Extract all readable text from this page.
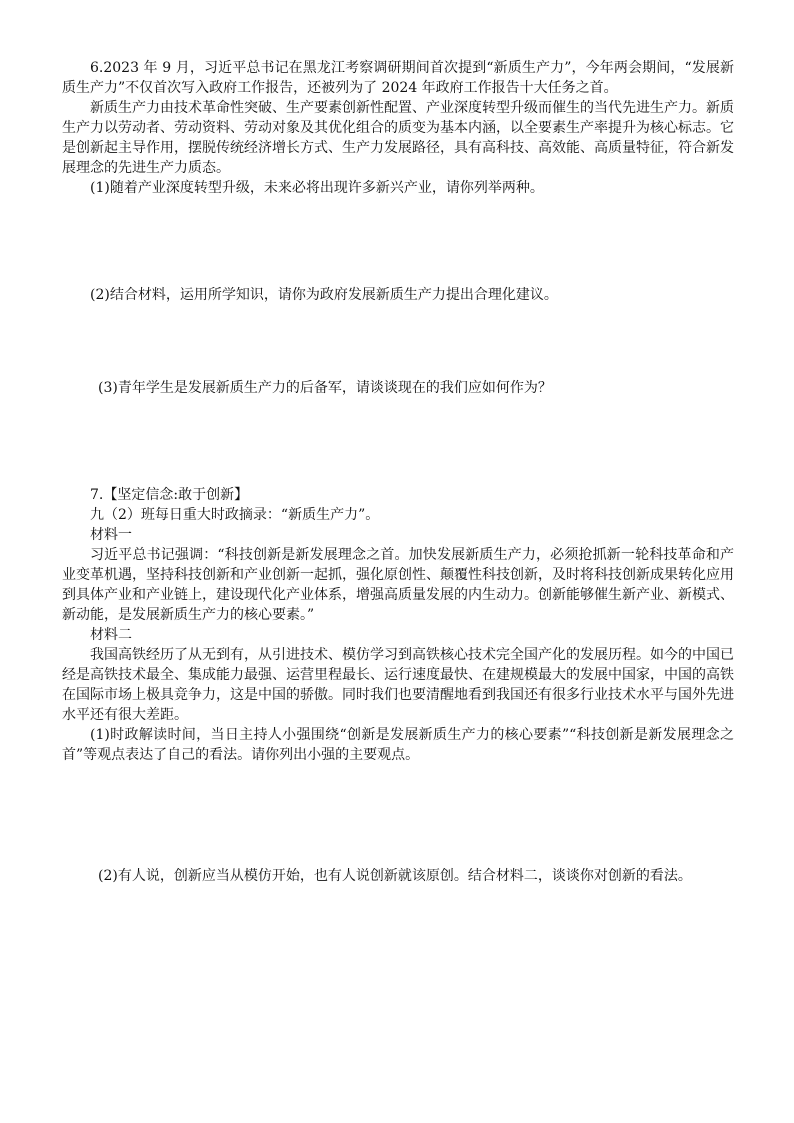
6.2023 年 9 月，习近平总书记在黑龙江考察调研期间首次提到“新质生产力”，今年两会期间，“发展新质生产力”不仅首次写入政府工作报告，还被列为了 2024 年政府工作报告十大任务之首。

新质生产力由技术革命性突破、生产要素创新性配置、产业深度转型升级而催生的当代先进生产力。新质生产力以劳动者、劳动资料、劳动对象及其优化组合的质变为基本内涵，以全要素生产率提升为核心标志。它是创新起主导作用，摆脱传统经济增长方式、生产力发展路径，具有高科技、高效能、高质量特征，符合新发展理念的先进生产力质态。

(1)随着产业深度转型升级，未来必将出现许多新兴产业，请你列举两种。

(2)结合材料，运用所学知识，请你为政府发展新质生产力提出合理化建议。

(3)青年学生是发展新质生产力的后备军，请谈谈现在的我们应如何作为？

7.【坚定信念:敢于创新】

九（2）班每日重大时政摘录：“新质生产力”。

材料一

习近平总书记强调：“科技创新是新发展理念之首。加快发展新质生产力，必须抢抓新一轮科技革命和产业变革机遇，坚持科技创新和产业创新一起抓，强化原创性、颠覆性科技创新，及时将科技创新成果转化应用到具体产业和产业链上，建设现代化产业体系，增强高质量发展的内生动力。创新能够催生新产业、新模式、新动能，是发展新质生产力的核心要素。”

材料二

我国高铁经历了从无到有，从引进技术、模仿学习到高铁核心技术完全国产化的发展历程。如今的中国已经是高铁技术最全、集成能力最强、运营里程最长、运行速度最快、在建规模最大的发展中国家，中国的高铁在国际市场上极具竞争力，这是中国的骄傲。同时我们也要清醒地看到我国还有很多行业技术水平与国外先进水平还有很大差距。

(1)时政解读时间，当日主持人小强围绕“创新是发展新质生产力的核心要素”“科技创新是新发展理念之首”等观点表达了自己的看法。请你列出小强的主要观点。

(2)有人说，创新应当从模仿开始，也有人说创新就该原创。结合材料二，谈谈你对创新的看法。
